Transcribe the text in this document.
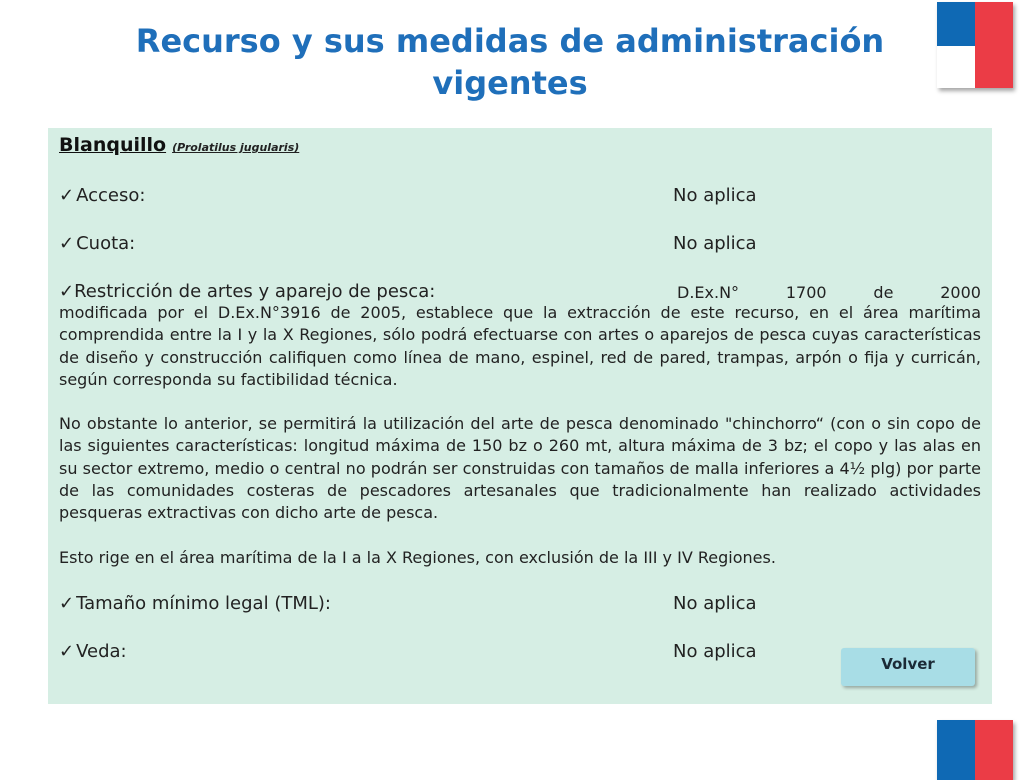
Recurso y sus medidas de administración
vigentes
Blanquillo (Prolatilus jugularis)
✓ Acceso:	No aplica
✓ Cuota:	No aplica
✓Restricción de artes y aparejo de pesca:	D.Ex.N°	1700	de	2000

modificada por el D.Ex.N°3916 de 2005, establece que la extracción de este recurso, en el área marítima comprendida entre la I y la X Regiones, sólo podrá efectuarse con artes o aparejos de pesca cuyas características de diseño y construcción califiquen como línea de mano, espinel, red de pared, trampas, arpón o fija y curricán, según corresponda su factibilidad técnica.

No obstante lo anterior, se permitirá la utilización del arte de pesca denominado "chinchorro“ (con o sin copo de las siguientes características: longitud máxima de 150 bz o 260 mt, altura máxima de 3 bz; el copo y las alas en su sector extremo, medio o central no podrán ser construidas con tamaños de malla inferiores a 4½ plg) por parte de las comunidades costeras de pescadores artesanales que tradicionalmente han realizado actividades pesqueras extractivas con dicho arte de pesca.

Esto rige en el área marítima de la I a la X Regiones, con exclusión de la III y IV Regiones.

✓ Tamaño mínimo legal (TML):	No aplica
✓ Veda:	No aplica
Volver
